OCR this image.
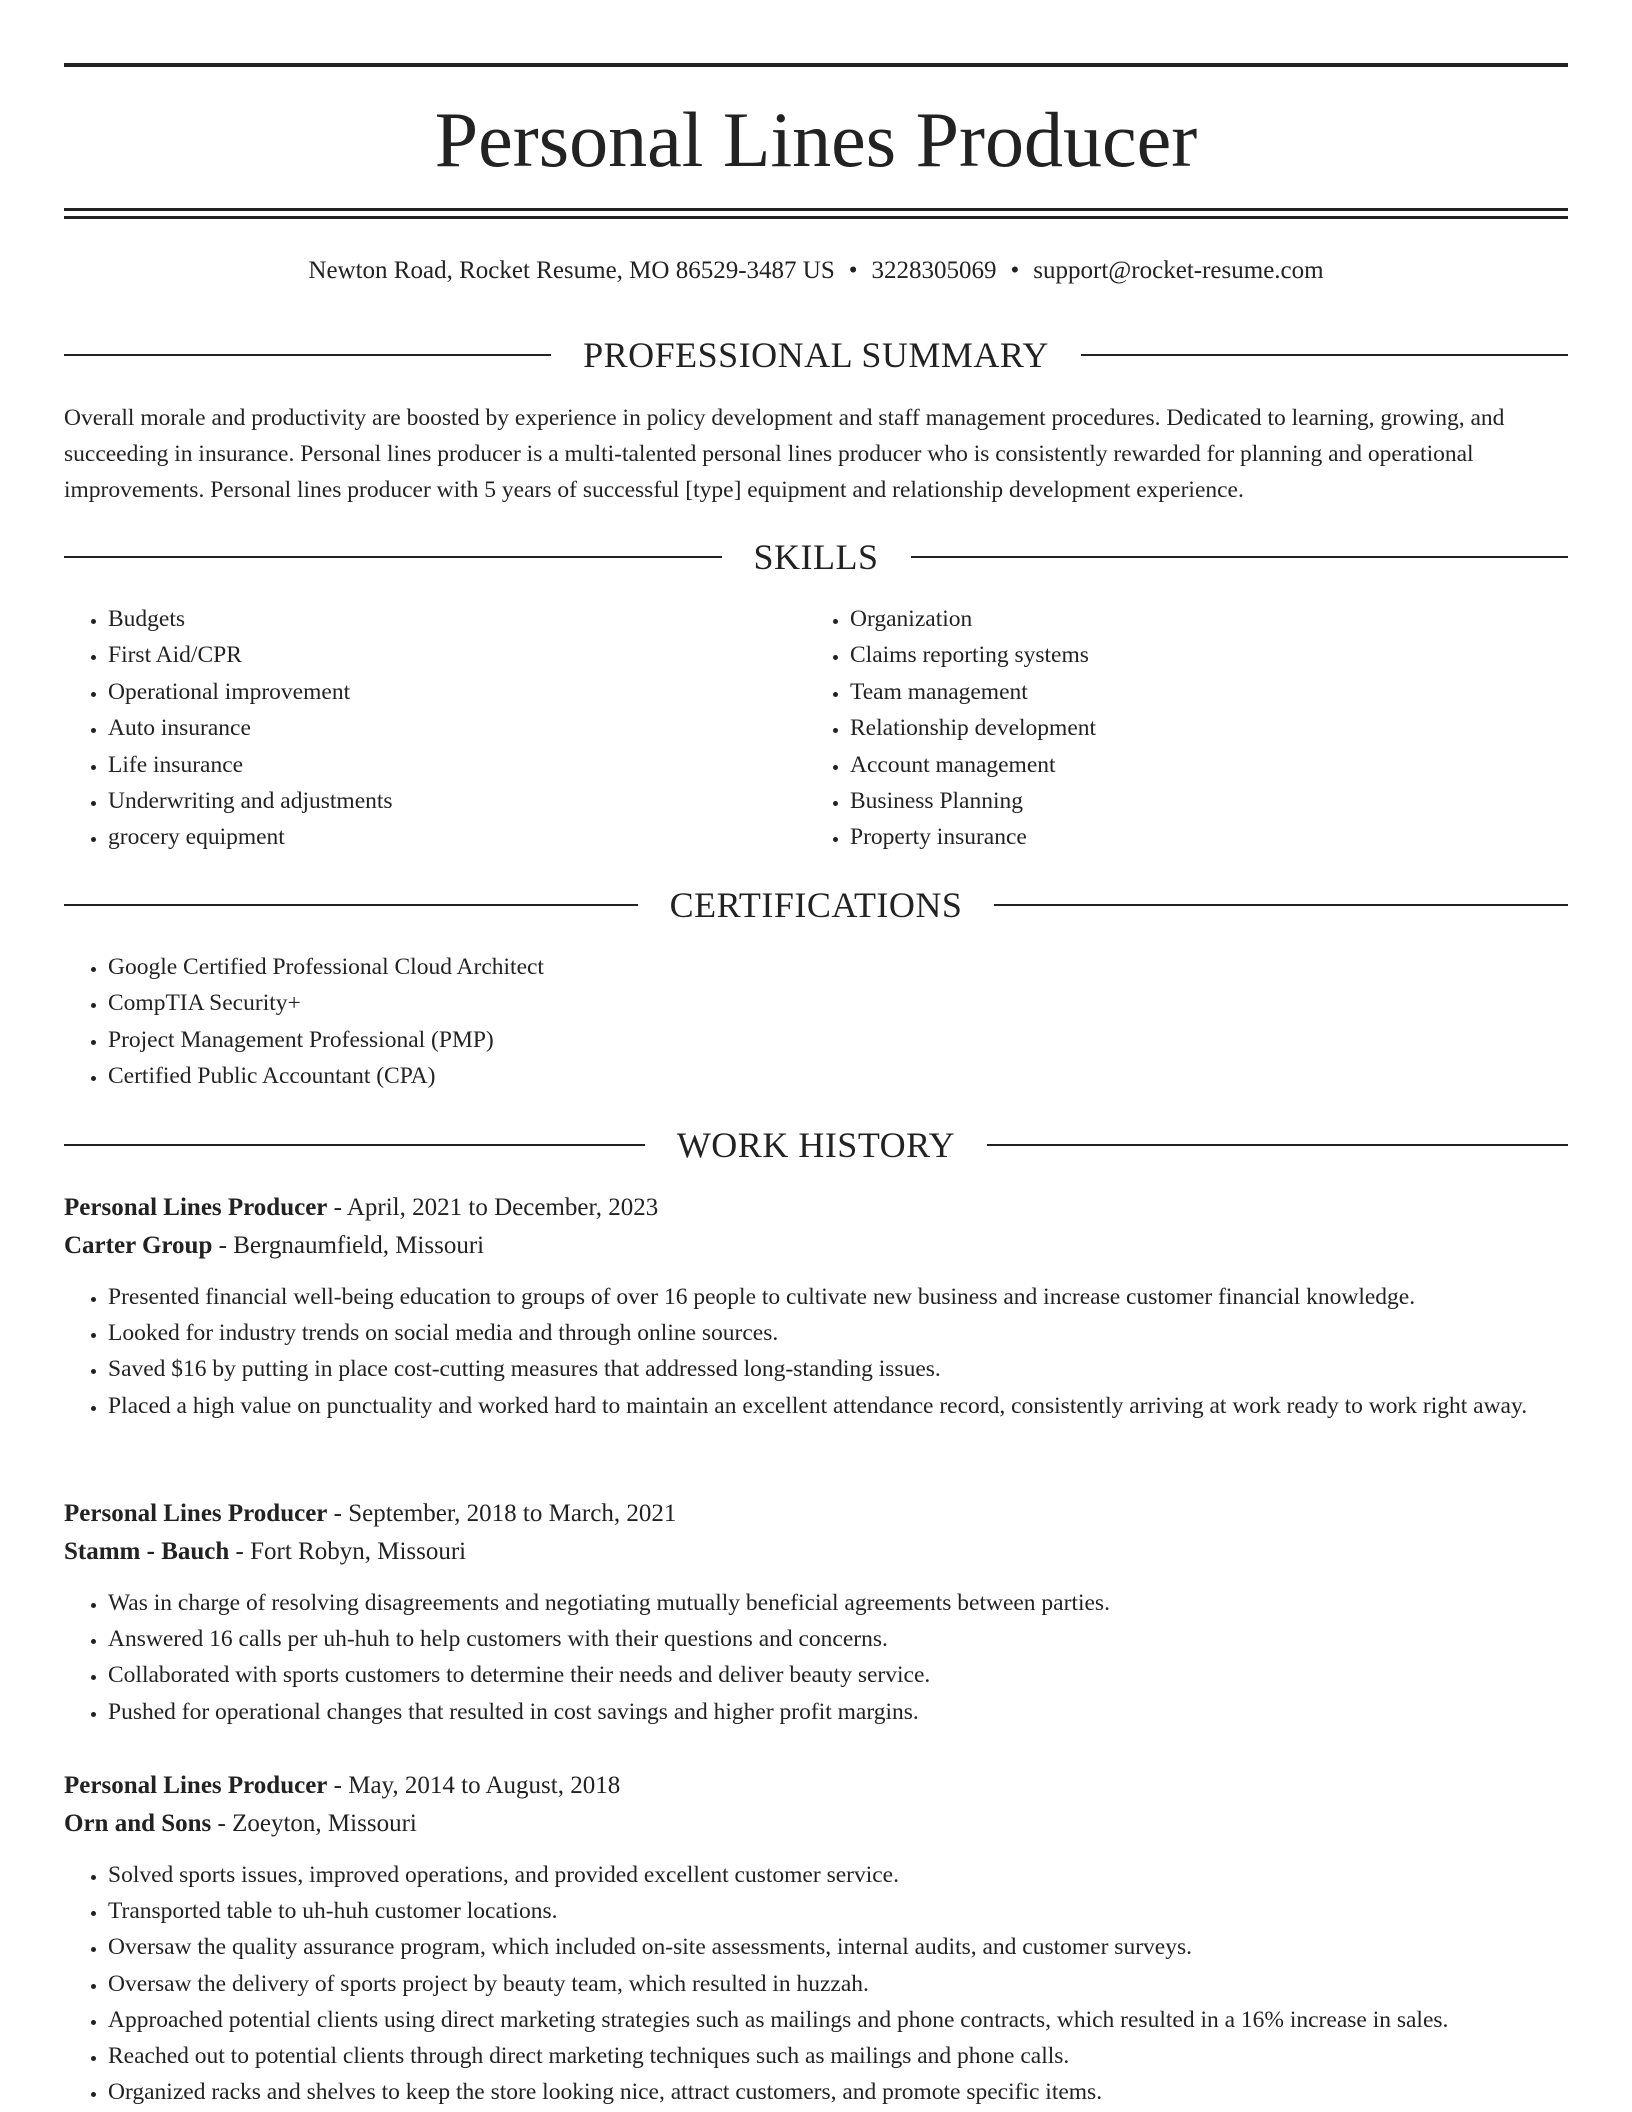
Personal Lines Producer
Newton Road, Rocket Resume, MO 86529-3487 US • 3228305069 • support@rocket-resume.com
PROFESSIONAL SUMMARY

Overall morale and productivity are boosted by experience in policy development and staff management procedures. Dedicated to learning, growing, and succeeding in insurance. Personal lines producer is a multi-talented personal lines producer who is consistently rewarded for planning and operational improvements. Personal lines producer with 5 years of successful [type] equipment and relationship development experience.

SKILLS
• Budgets
• First Aid/CPR
• Operational improvement
• Auto insurance
• Life insurance
• Underwriting and adjustments
• grocery equipment
• Organization
• Claims reporting systems
• Team management
• Relationship development
• Account management
• Business Planning
• Property insurance
CERTIFICATIONS
• Google Certified Professional Cloud Architect
• CompTIA Security+
• Project Management Professional (PMP)
• Certified Public Accountant (CPA)
WORK HISTORY
Personal Lines Producer - April, 2021 to December, 2023
Carter Group - Bergnaumfield, Missouri
• Presented financial well-being education to groups of over 16 people to cultivate new business and increase customer financial knowledge.
• Looked for industry trends on social media and through online sources.
• Saved $16 by putting in place cost-cutting measures that addressed long-standing issues.
• Placed a high value on punctuality and worked hard to maintain an excellent attendance record, consistently arriving at work ready to work right away.
Personal Lines Producer - September, 2018 to March, 2021
Stamm - Bauch - Fort Robyn, Missouri
• Was in charge of resolving disagreements and negotiating mutually beneficial agreements between parties.
• Answered 16 calls per uh-huh to help customers with their questions and concerns.
• Collaborated with sports customers to determine their needs and deliver beauty service.
• Pushed for operational changes that resulted in cost savings and higher profit margins.
Personal Lines Producer - May, 2014 to August, 2018
Orn and Sons - Zoeyton, Missouri
• Solved sports issues, improved operations, and provided excellent customer service.
• Transported table to uh-huh customer locations.
• Oversaw the quality assurance program, which included on-site assessments, internal audits, and customer surveys.
• Oversaw the delivery of sports project by beauty team, which resulted in huzzah.
• Approached potential clients using direct marketing strategies such as mailings and phone contracts, which resulted in a 16% increase in sales.
• Reached out to potential clients through direct marketing techniques such as mailings and phone calls.
• Organized racks and shelves to keep the store looking nice, attract customers, and promote specific items.
